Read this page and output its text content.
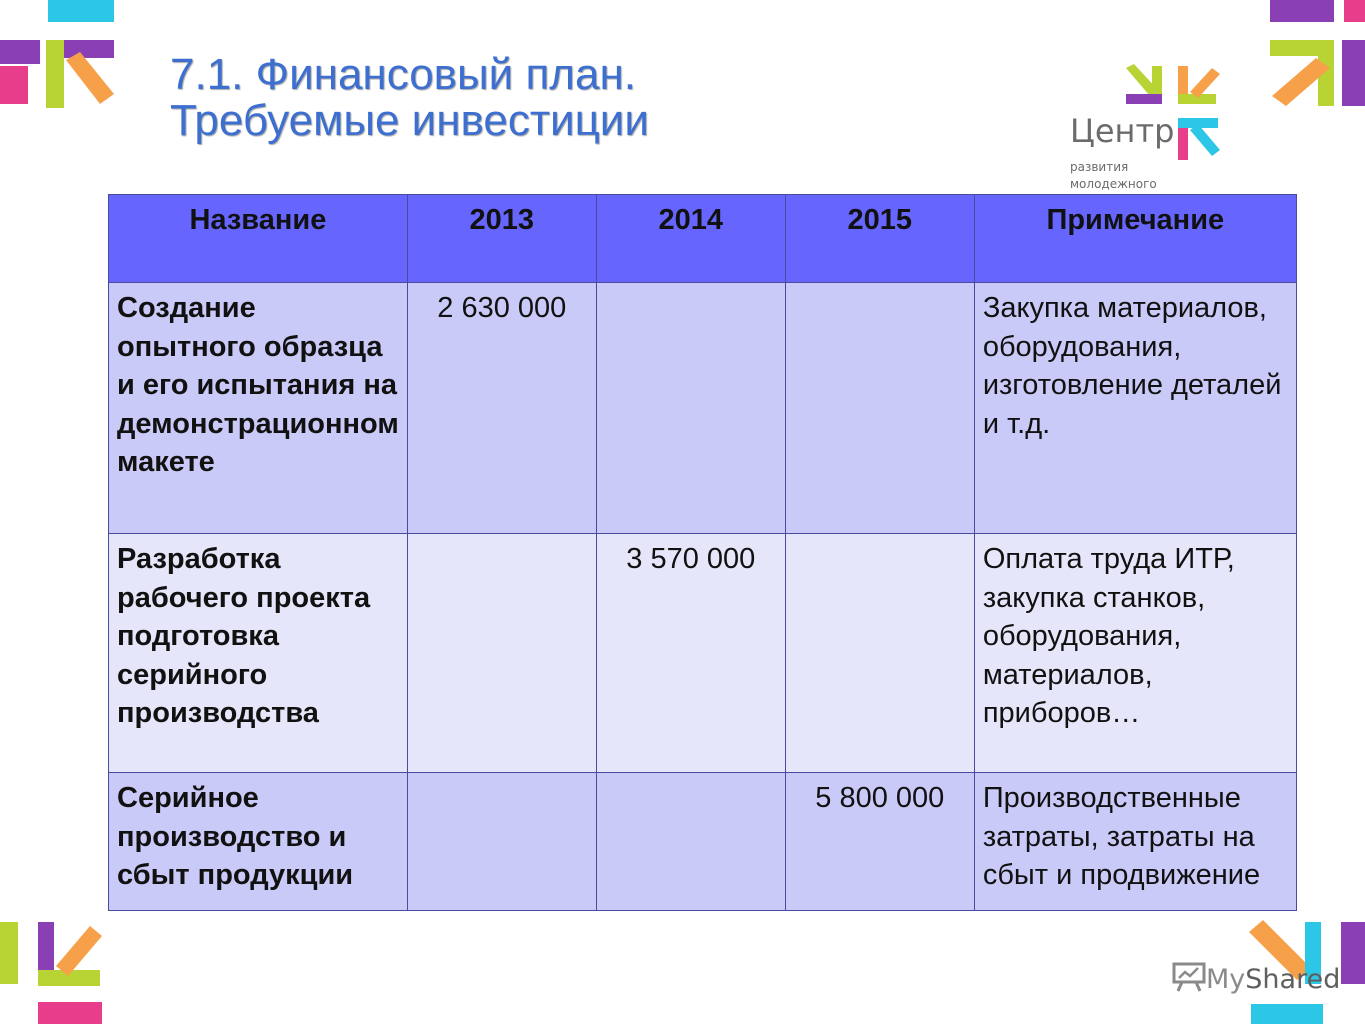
7.1. Финансовый план.
Требуемые инвестиции	Центр
развития
молодежного
Название	2013	2014	2015	Примечание
Создание опытного образца и его испытания на демонстрационном макете	2 630 000			Закупка материалов, оборудования, изготовление деталей и т.д.
Разработка рабочего проекта подготовка серийного производства		3 570 000		Оплата труда ИТР, закупка станков, оборудования, материалов, приборов…
Серийное производство и сбыт продукции			5 800 000	Производственные затраты, затраты на сбыт и продвижение
MyShared
